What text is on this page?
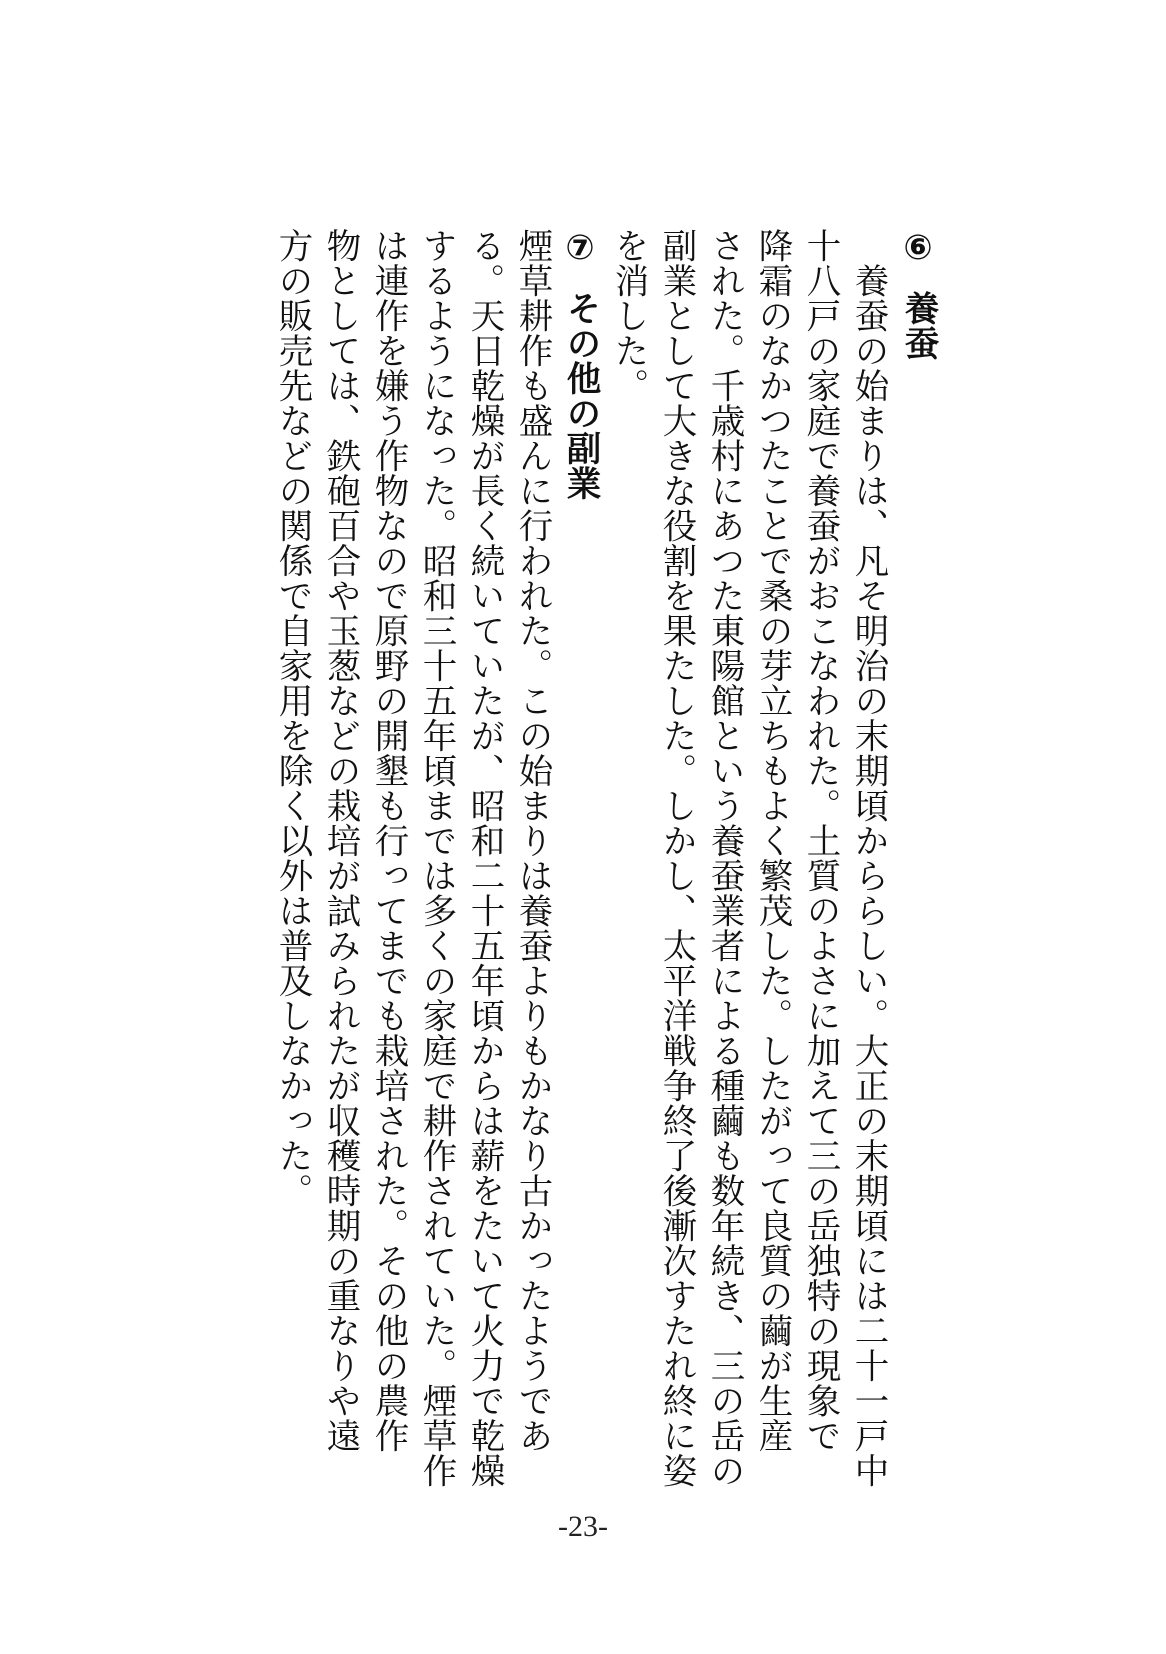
⑥養蚕
　養蚕の始まりは、凡そ明治の末期頃かららしい。大正の末期頃には二十一戸中
十八戸の家庭で養蚕がおこなわれた。土質のよさに加えて三の岳独特の現象で
降霜のなかつたことで桑の芽立ちもよく繁茂した。したがって良質の繭が生産
された。千歳村にあつた東陽館という養蚕業者による種繭も数年続き、三の岳の
副業として大きな役割を果たした。しかし、太平洋戦争終了後漸次すたれ終に姿
を消した。
⑦その他の副業
煙草耕作も盛んに行われた。この始まりは養蚕よりもかなり古かったようであ
る。天日乾燥が長く続いていたが、昭和二十五年頃からは薪をたいて火力で乾燥
するようになった。昭和三十五年頃までは多くの家庭で耕作されていた。煙草作
は連作を嫌う作物なので原野の開墾も行ってまでも栽培された。その他の農作
物としては、鉄砲百合や玉葱などの栽培が試みられたが収穫時期の重なりや遠
方の販売先などの関係で自家用を除く以外は普及しなかった。
-23-
